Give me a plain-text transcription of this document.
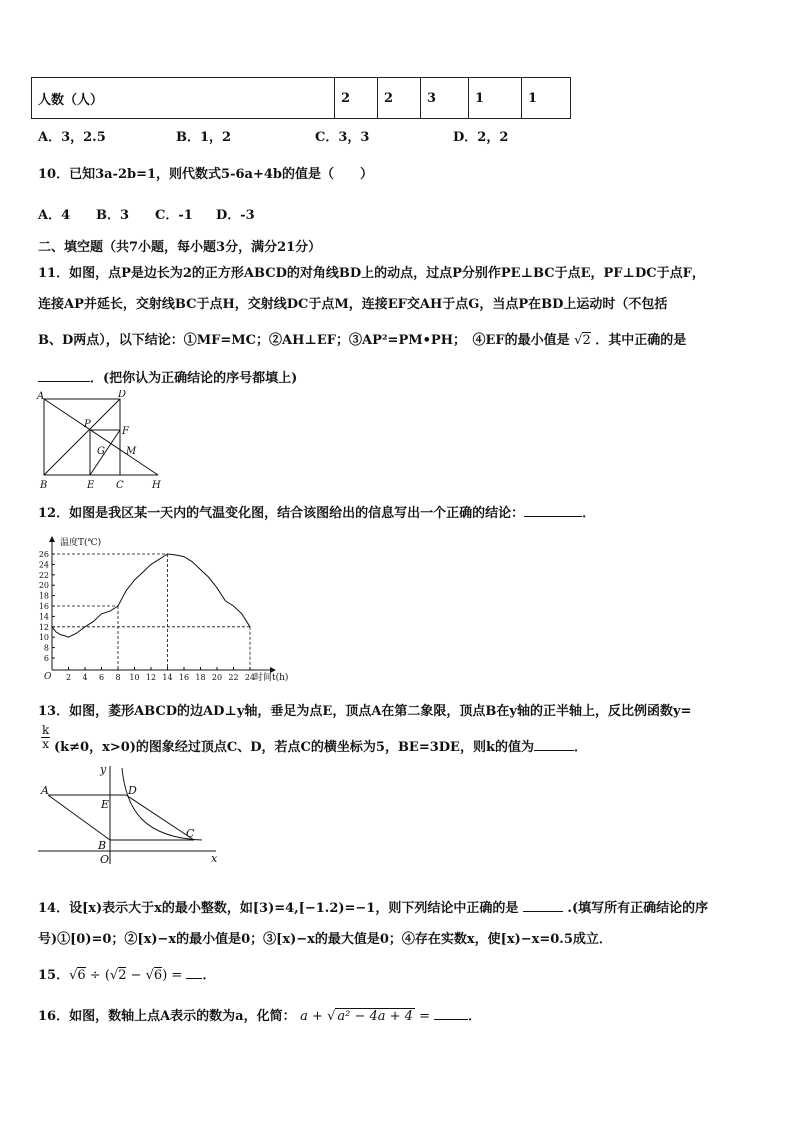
人数（人）	2	2	3	1	1
A．3，2.5	B．1，2	C．3，3	D．2，2
10．已知3a-2b=1，则代数式5-6a+4b的值是（　　）
A．4 B．3 C．-1 D．-3
二、填空题（共7小题，每小题3分，满分21分）
11．如图，点P是边长为2的正方形ABCD的对角线BD上的动点，过点P分别作PE⊥BC于点E，PF⊥DC于点F，
连接AP并延长，交射线BC于点H，交射线DC于点M，连接EF交AH于点G，当点P在BD上运动时（不包括
B、D两点），以下结论：①MF=MC；②AH⊥EF；③AP²=PM•PH；　④EF的最小值是 √2 ．其中正确的是
．(把你认为正确结论的序号都填上)
A	D
P
F
G M
B	E C	H
12．如图是我区某一天内的气温变化图，结合该图给出的信息写出一个正确的结论：	．
2 4 6 8 10 12 14 16 18 20 22 24
6
8
10
12
14
16
18
20
22
24
26
温度T(℃)
时间t(h)
O
13．如图，菱形ABCD的边AD⊥y轴，垂足为点E，顶点A在第二象限，顶点B在y轴的正半轴上，反比例函数y=
$\frac{k}{x} (k\ne 0$，x>0)的图象经过顶点C、D，若点C的横坐标为5，BE=3DE，则k的值为	．
y
A	D
E
C
B
O	x
14．设[x)表示大于x的最小整数，如[3)=4,[−1.2)=−1，则下列结论中正确的是	.(填写所有正确结论的序
号)①[0)=0；②[x)−x的最小值是0；③[x)−x的最大值是0；④存在实数x，使[x)−x=0.5成立．
15．√6 ÷ (√2 − √6) = ．
16．如图，数轴上点A表示的数为a，化简： a + √ a² − 4a + 4 =	．
